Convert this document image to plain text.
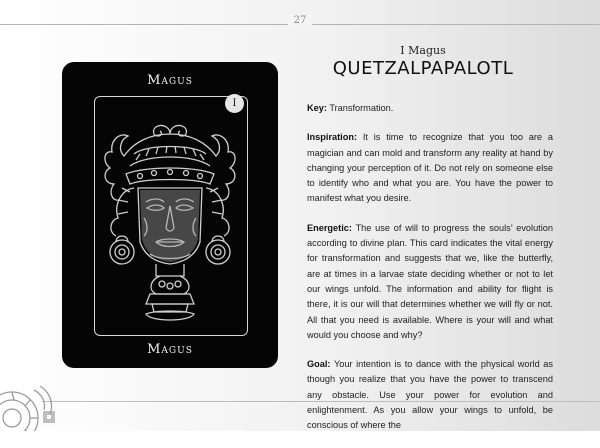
27
Magus
I
Magus
I Magus
QUETZALPAPALOTL

Key: Transformation.

Inspiration: It is time to recognize that you too are a magician and can mold and transform any reality at hand by changing your perception of it. Do not rely on someone else to identify who and what you are. You have the power to manifest what you desire.

Energetic: The use of will to progress the souls’ evolution according to divine plan. This card indicates the vital energy for transformation and suggests that we, like the butterfly, are at times in a larvae state deciding whether or not to let our wings unfold. The information and ability for flight is there, it is our will that determines whether we will fly or not. All that you need is available. Where is your will and what would you choose and why?

Goal: Your intention is to dance with the physical world as though you realize that you have the power to transcend any obstacle. Use your power for evolution and enlightenment. As you allow your wings to unfold, be conscious of where the
